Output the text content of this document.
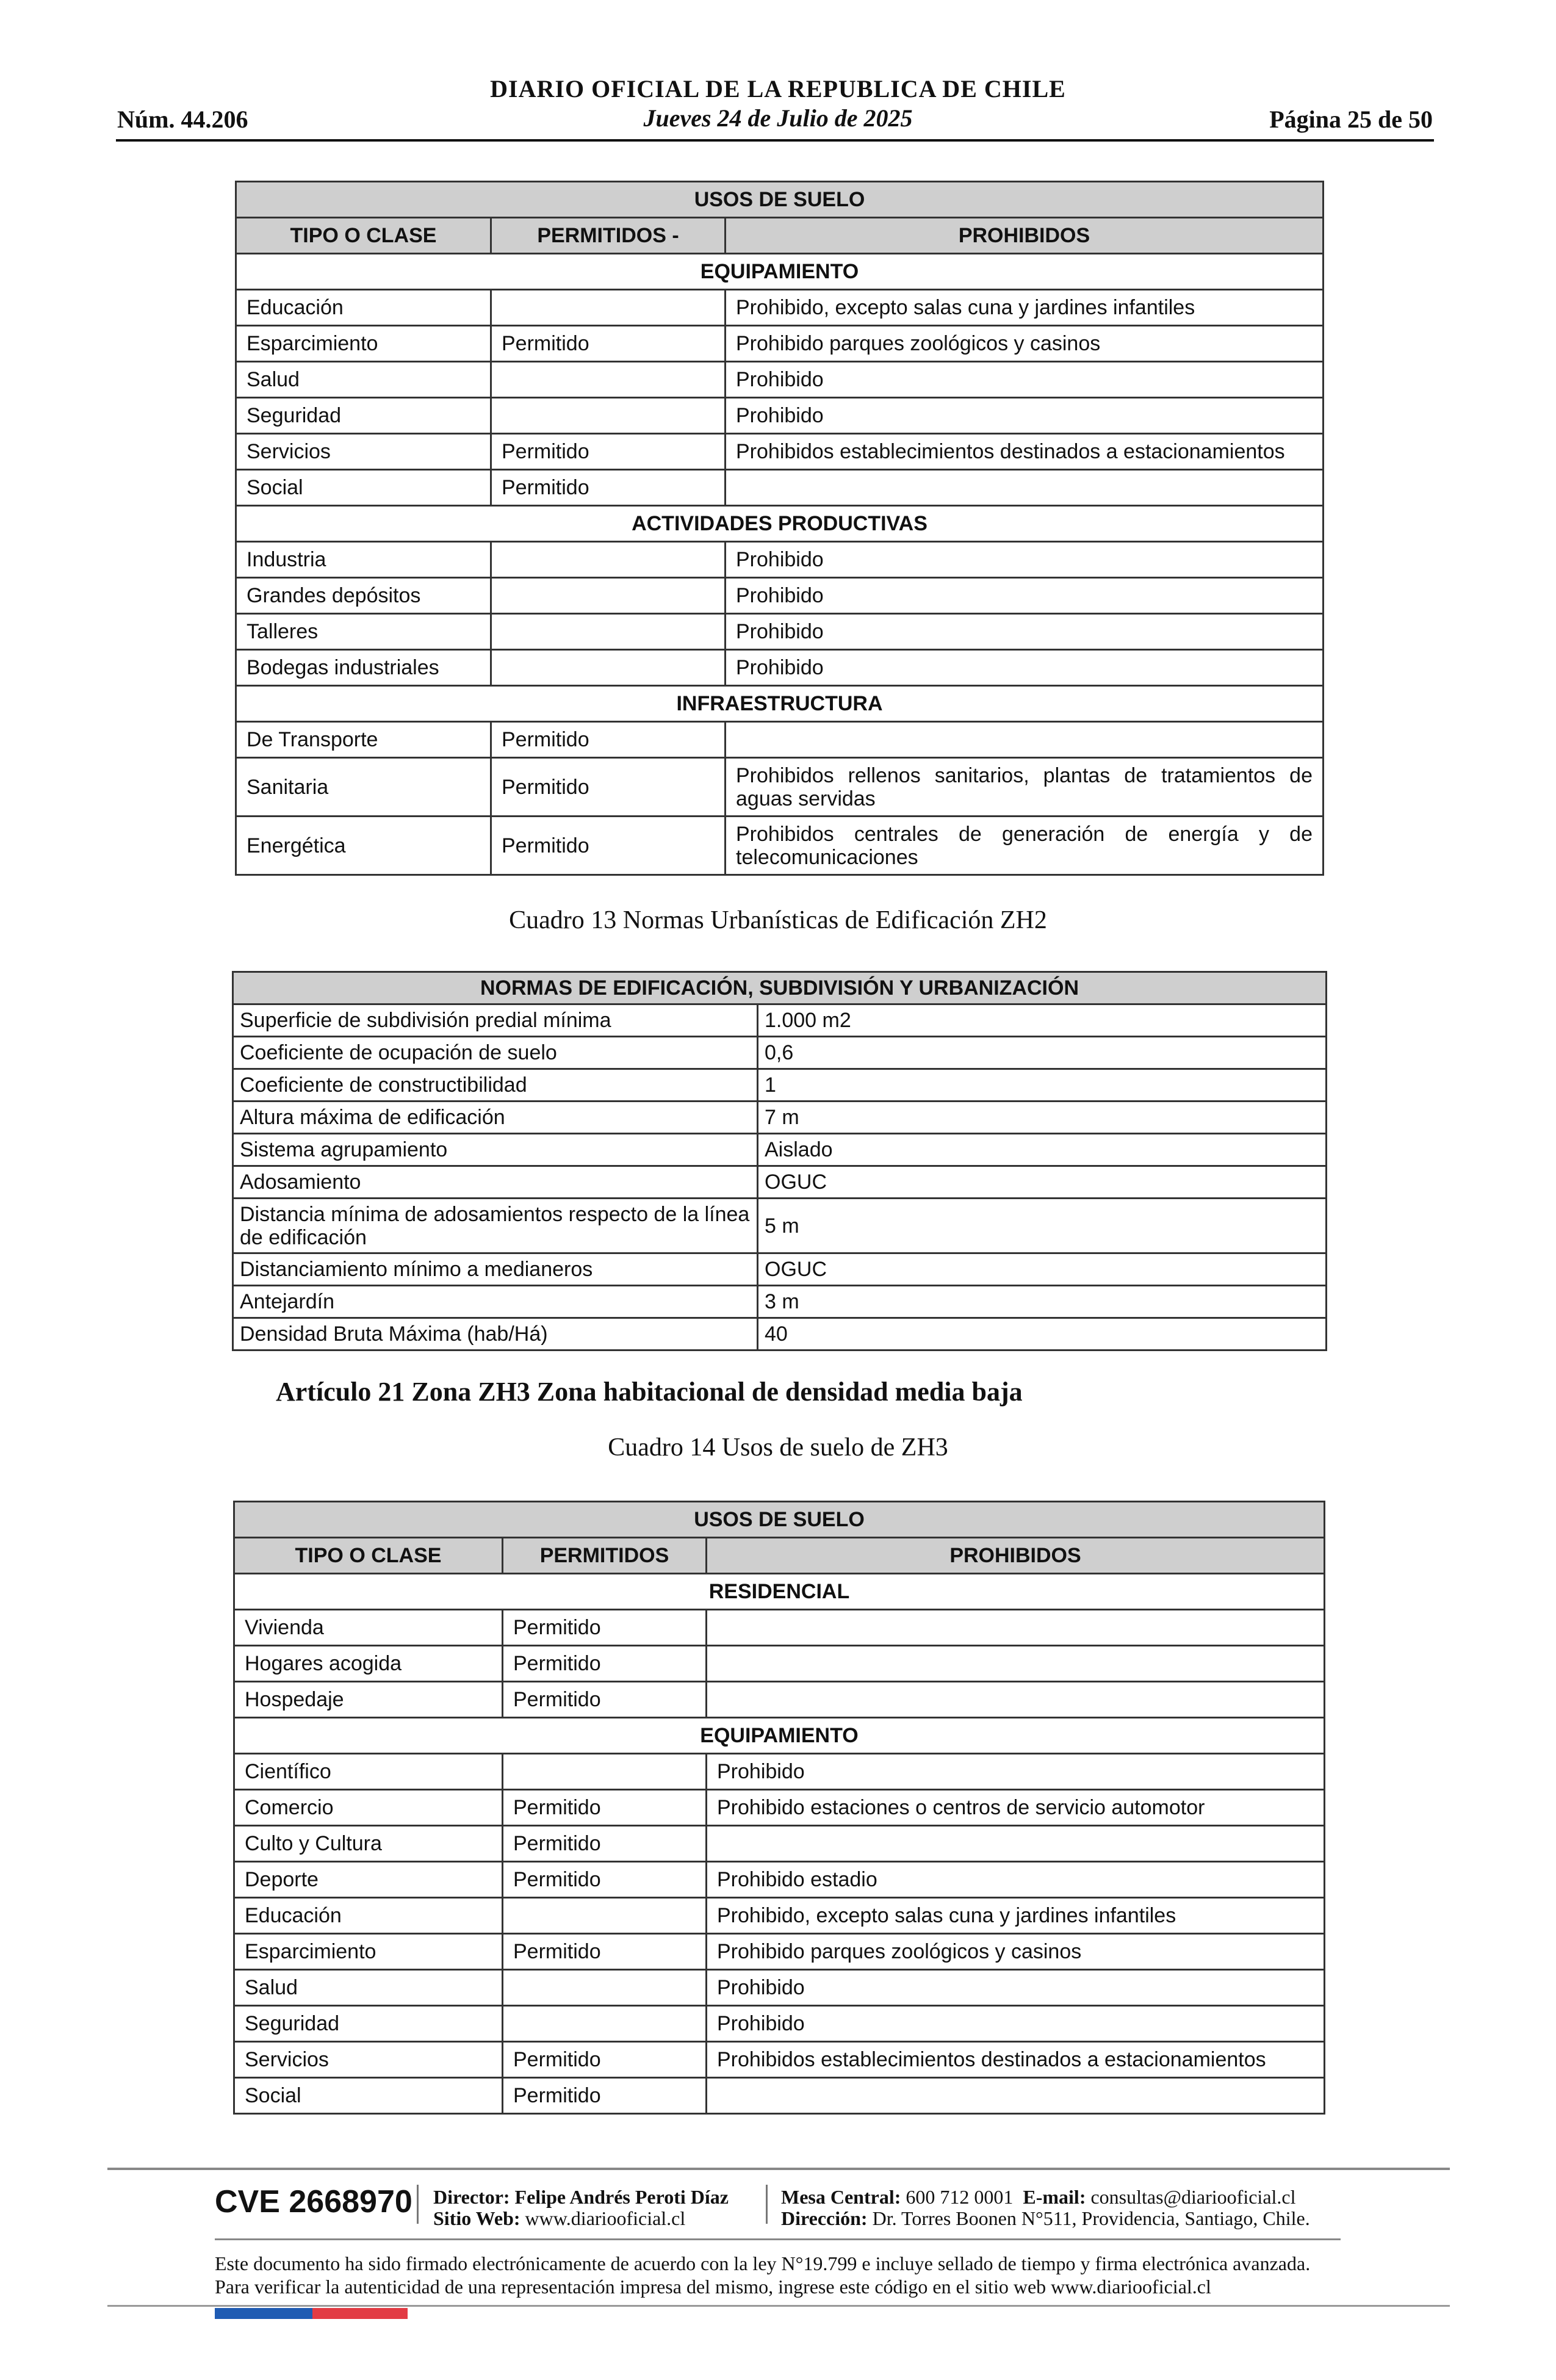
DIARIO OFICIAL DE LA REPUBLICA DE CHILE
Núm. 44.206	Jueves 24 de Julio de 2025	Página 25 de 50
USOS DE SUELO		
TIPO O CLASE	PERMITIDOS -	PROHIBIDOS
EQUIPAMIENTO		
Educación		Prohibido, excepto salas cuna y jardines infantiles
Esparcimiento	Permitido	Prohibido parques zoológicos y casinos
Salud		Prohibido
Seguridad		Prohibido
Servicios	Permitido	Prohibidos establecimientos destinados a estacionamientos
Social	Permitido	
ACTIVIDADES PRODUCTIVAS		
Industria		Prohibido
Grandes depósitos		Prohibido
Talleres		Prohibido
Bodegas industriales		Prohibido
INFRAESTRUCTURA		
De Transporte	Permitido	
Sanitaria	Permitido	Prohibidos rellenos sanitarios, plantas de tratamientos de aguas servidas
Energética	Permitido	Prohibidos centrales de generación de energía y de telecomunicaciones
Cuadro 13 Normas Urbanísticas de Edificación ZH2
NORMAS DE EDIFICACIÓN, SUBDIVISIÓN Y URBANIZACIÓN	
Superficie de subdivisión predial mínima	1.000 m2
Coeficiente de ocupación de suelo	0,6
Coeficiente de constructibilidad	1
Altura máxima de edificación	7 m
Sistema agrupamiento	Aislado
Adosamiento	OGUC
Distancia mínima de adosamientos respecto de la línea de edificación	5 m
Distanciamiento mínimo a medianeros	OGUC
Antejardín	3 m
Densidad Bruta Máxima (hab/Há)	40
Artículo 21 Zona ZH3 Zona habitacional de densidad media baja
Cuadro 14 Usos de suelo de ZH3
USOS DE SUELO		
TIPO O CLASE	PERMITIDOS	PROHIBIDOS
RESIDENCIAL		
Vivienda	Permitido	
Hogares acogida	Permitido	
Hospedaje	Permitido	
EQUIPAMIENTO		
Científico		Prohibido
Comercio	Permitido	Prohibido estaciones o centros de servicio automotor
Culto y Cultura	Permitido	
Deporte	Permitido	Prohibido estadio
Educación		Prohibido, excepto salas cuna y jardines infantiles
Esparcimiento	Permitido	Prohibido parques zoológicos y casinos
Salud		Prohibido
Seguridad		Prohibido
Servicios	Permitido	Prohibidos establecimientos destinados a estacionamientos
Social	Permitido	
CVE 2668970 Director: Felipe Andrés Peroti Díaz
Sitio Web: www.diariooficial.cl
Mesa Central: 600 712 0001 E-mail: consultas@diariooficial.cl
Dirección: Dr. Torres Boonen N°511, Providencia, Santiago, Chile.
Este documento ha sido firmado electrónicamente de acuerdo con la ley N°19.799 e incluye sellado de tiempo y firma electrónica avanzada. Para verificar la autenticidad de una representación impresa del mismo, ingrese este código en el sitio web www.diariooficial.cl
